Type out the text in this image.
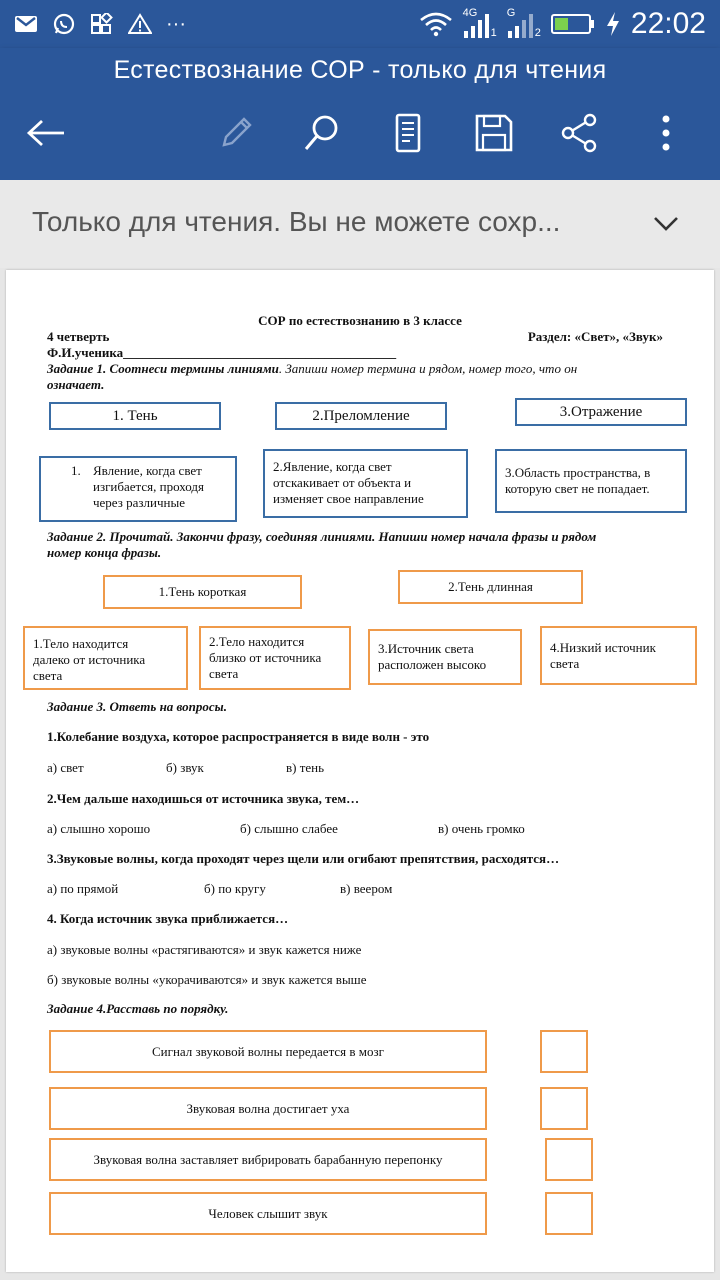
···	4G
1
G
2	22:02
Естествознание СОР - только для чтения
Только для чтения. Вы не можете сохр...
СОР по естествознанию в 3 классе
4 четверть	Раздел: «Свет», «Звук»
Ф.И.ученика__________________________________________
Задание 1. Соотнеси термины линиями. Запиши номер термина и рядом, номер того, что он
означает.
1. Тень	2.Преломление	3.Отражение
1. Явление, когда свет
изгибается, проходя
через различные
2.Явление, когда свет
отскакивает от объекта и
изменяет свое направление
3.Область пространства, в
которую свет не попадает.
Задание 2. Прочитай. Закончи фразу, соединяя линиями. Напиши номер начала фразы и рядом
номер конца фразы.
1.Тень короткая	2.Тень длинная
1.Тело находится
далеко от источника
света
2.Тело находится
близко от источника
света
3.Источник света
расположен высоко
4.Низкий источник
света
Задание 3. Ответь на вопросы.
1.Колебание воздуха, которое распространяется в виде волн - это
а) свет	б) звук	в) тень
2.Чем дальше находишься от источника звука, тем…
а) слышно хорошо	б) слышно слабее	в) очень громко
3.Звуковые волны, когда проходят через щели или огибают препятствия, расходятся…
а) по прямой	б) по кругу	в) веером
4. Когда источник звука приближается…
а) звуковые волны «растягиваются» и звук кажется ниже
б) звуковые волны «укорачиваются» и звук кажется выше
Задание 4.Расставь по порядку.
Сигнал звуковой волны передается в мозг
Звуковая волна достигает уха
Звуковая волна заставляет вибрировать барабанную перепонку
Человек слышит звук
